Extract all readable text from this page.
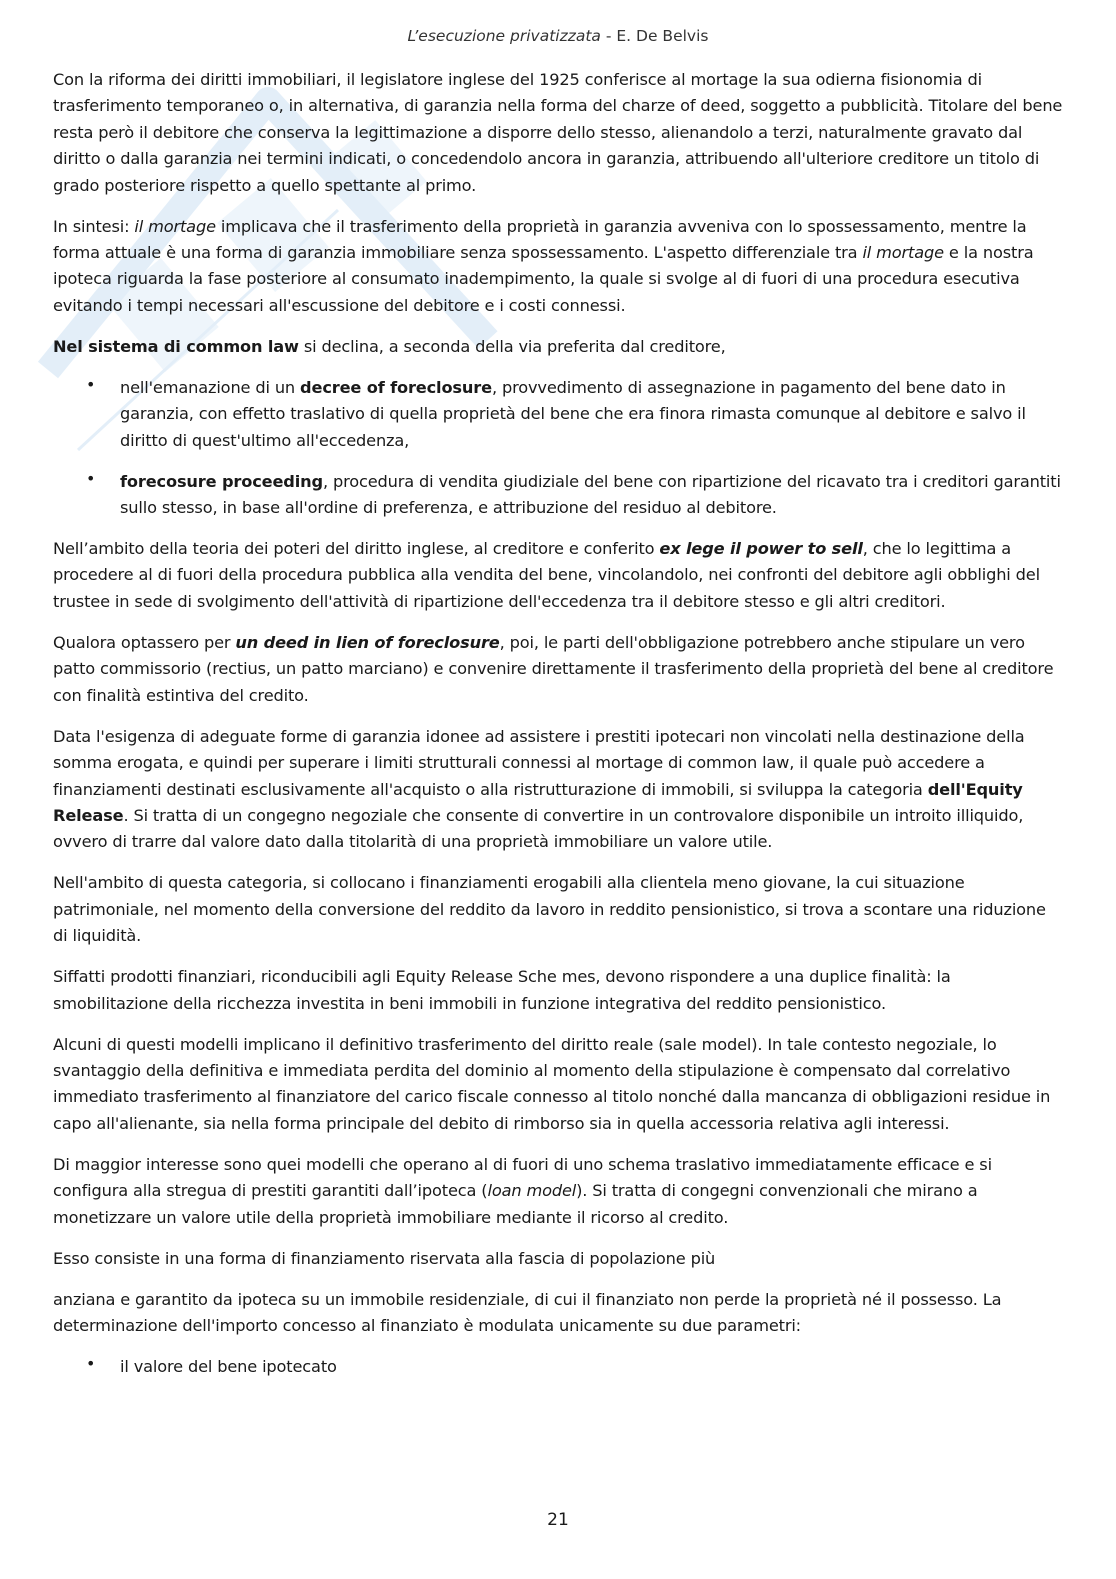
L’esecuzione privatizzata - E. De Belvis

Con la riforma dei diritti immobiliari, il legislatore inglese del 1925 conferisce al mortage la sua odierna fisionomia di trasferimento temporaneo o, in alternativa, di garanzia nella forma del charze of deed, soggetto a pubblicità. Titolare del bene resta però il debitore che conserva la legittimazione a disporre dello stesso, alienandolo a terzi, naturalmente gravato dal diritto o dalla garanzia nei termini indicati, o concedendolo ancora in garanzia, attribuendo all'ulteriore creditore un titolo di grado posteriore rispetto a quello spettante al primo.

In sintesi: il mortage implicava che il trasferimento della proprietà in garanzia avveniva con lo spossessamento, mentre la forma attuale è una forma di garanzia immobiliare senza spossessamento. L'aspetto differenziale tra il mortage e la nostra ipoteca riguarda la fase posteriore al consumato inadempimento, la quale si svolge al di fuori di una procedura esecutiva evitando i tempi necessari all'escussione del debitore e i costi connessi.

Nel sistema di common law si declina, a seconda della via preferita dal creditore,

• nell'emanazione di un decree of foreclosure, provvedimento di assegnazione in pagamento del bene dato in garanzia, con effetto traslativo di quella proprietà del bene che era finora rimasta comunque al debitore e salvo il diritto di quest'ultimo all'eccedenza,
• forecosure proceeding, procedura di vendita giudiziale del bene con ripartizione del ricavato tra i creditori garantiti sullo stesso, in base all'ordine di preferenza, e attribuzione del residuo al debitore.

Nell’ambito della teoria dei poteri del diritto inglese, al creditore e conferito ex lege il power to sell, che lo legittima a procedere al di fuori della procedura pubblica alla vendita del bene, vincolandolo, nei confronti del debitore agli obblighi del trustee in sede di svolgimento dell'attività di ripartizione dell'eccedenza tra il debitore stesso e gli altri creditori.

Qualora optassero per un deed in lien of foreclosure, poi, le parti dell'obbligazione potrebbero anche stipulare un vero patto commissorio (rectius, un patto marciano) e convenire direttamente il trasferimento della proprietà del bene al creditore con finalità estintiva del credito.

Data l'esigenza di adeguate forme di garanzia idonee ad assistere i prestiti ipotecari non vincolati nella destinazione della somma erogata, e quindi per superare i limiti strutturali connessi al mortage di common law, il quale può accedere a finanziamenti destinati esclusivamente all'acquisto o alla ristrutturazione di immobili, si sviluppa la categoria dell'Equity Release. Si tratta di un congegno negoziale che consente di convertire in un controvalore disponibile un introito illiquido, ovvero di trarre dal valore dato dalla titolarità di una proprietà immobiliare un valore utile.

Nell'ambito di questa categoria, si collocano i finanziamenti erogabili alla clientela meno giovane, la cui situazione patrimoniale, nel momento della conversione del reddito da lavoro in reddito pensionistico, si trova a scontare una riduzione di liquidità.

Siffatti prodotti finanziari, riconducibili agli Equity Release Sche mes, devono rispondere a una duplice finalità: la smobilitazione della ricchezza investita in beni immobili in funzione integrativa del reddito pensionistico.

Alcuni di questi modelli implicano il definitivo trasferimento del diritto reale (sale model). In tale contesto negoziale, lo svantaggio della definitiva e immediata perdita del dominio al momento della stipulazione è compensato dal correlativo immediato trasferimento al finanziatore del carico fiscale connesso al titolo nonché dalla mancanza di obbligazioni residue in capo all'alienante, sia nella forma principale del debito di rimborso sia in quella accessoria relativa agli interessi.

Di maggior interesse sono quei modelli che operano al di fuori di uno schema traslativo immediatamente efficace e si configura alla stregua di prestiti garantiti dall’ipoteca (loan model). Si tratta di congegni convenzionali che mirano a monetizzare un valore utile della proprietà immobiliare mediante il ricorso al credito.

Esso consiste in una forma di finanziamento riservata alla fascia di popolazione più

anziana e garantito da ipoteca su un immobile residenziale, di cui il finanziato non perde la proprietà né il possesso. La determinazione dell'importo concesso al finanziato è modulata unicamente su due parametri:

• il valore del bene ipotecato
21
